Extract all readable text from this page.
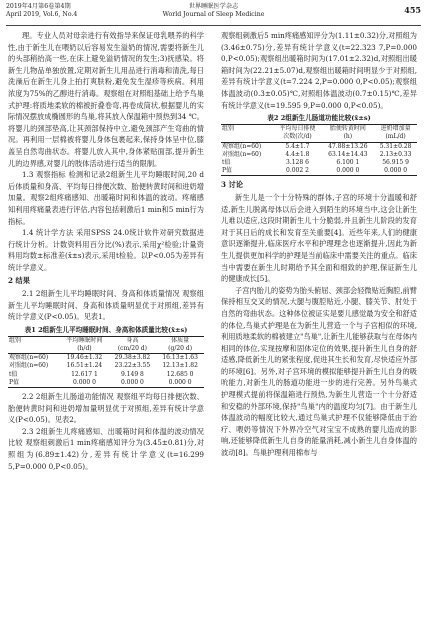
2019年4月第6卷第4期
April 2019, Vol.6, No.4
世界睡眠医学杂志
World Journal of Sleep Medicine	455

理。专业人员对母亲进行有效指导来保证母乳喂养的科学性,由于新生儿在喂奶以后容易发生溢奶的情况,需要将新生儿的头部稍抬高一些,在床上避免溢奶情况的发生;3)抚感染。将新生儿物品单独放置,定期对新生儿用品进行消毒和清洗,每日洗澡后在新生儿身上拍打爽肤粉,避免发生湿疹等疾病。利用浓度为75%的乙醇进行消毒。观察组在对照组基础上给予鸟巢式护理:将质地柔软的棉被折叠卷弯,再卷成筒状,根据婴儿的实际情况摆放成椭圆形的鸟巢,将其放入保温箱中预热到34 ℃。将婴儿的颈部垫高,让其颈部保持中立,避免颈部产生弯曲的情况。再利用一层棉被将婴儿身体包裹起来,保持身体呈中位,膝盖呈自然弯曲状态。将婴儿放入其中,身体紧贴面部,提升新生儿的边界感,对婴儿的肢体活动进行适当的限制。

1.3 观察指标 检测和记录2组新生儿平均睡眠时间,20 d后体质量和身高、平均每日排便次数、胎便转黄时间和进奶增加量。观察2组疼痛感知、出暖箱时间和体温的波动。疼痛感知利用疼痛量表进行评估,内容包括刺激后1 min和5 min行为指标。

1.4 统计学方法 采用SPSS 24.0统计软件对研究数据进行统计分析。计数资料用百分比(%)表示,采用χ²检验;计量资料用均数±标准差(x̄±s)表示,采用t检验。以P<0.05为差异有统计学意义。

2 结果

2.1 2组新生儿平均睡眠时间、身高和体质量情况 观察组新生儿平均睡眠时间、身高和体质量明显优于对照组,差异有统计学意义(P<0.05)。见表1。

表1 2组新生儿平均睡眠时间、身高和体质量比较(x̄±s)
组别	平均睡眠时间	身高	体质量
	(h/d)	(cm/20 d)	(g/20 d)
观察组(n=60)	19.46±1.32	29.38±3.82	16.13±1.63
对照组(n=60)	16.51±1.24	23.22±3.55	12.13±1.82
t值	12.617 1	9.149 8	12.685 0
P值	0.000 0	0.000 0	0.000 0

2.2 2组新生儿肠道功能情况 观察组平均每日排便次数、胎便转黄时间和进奶增加量明显优于对照组,差异有统计学意义(P<0.05)。见表2。

2.3 2组新生儿疼痛感知、出暖箱时间和体温的波动情况比较 观察组刺激后1 min疼痛感知评分为(3.45±0.81)分,对照组为(6.89±1.42)分,差异有统计学意义(t=16.299 5,P=0.000 0,P<0.05)。

观察组刺激后5 min疼痛感知评分为(1.11±0.32)分,对照组为(3.46±0.75)分,差异有统计学意义(t=22.323 7,P=0.000 0,P<0.05);观察组出暖箱时间为(17.01±2.32)d,对照组出暖箱时间为(22.21±5.07)d,观察组出暖箱时间明显少于对照组,差异有统计学意义(t=7.224 2,P=0.000 0,P<0.05);观察组体温波动(0.3±0.05)℃,对照组体温波动(0.7±0.15)℃,差异有统计学意义(t=19.595 9,P=0.000 0,P<0.05)。

表2 2组新生儿肠道功能比较(x̄±s)
组别	平均每日排便	胎便转黄时间	进奶增加量
	次数(次/d)	(h)	(mL/d)
观察组(n=60)	5.4±1.7	47.88±13.26	5.31±0.28
对照组(n=60)	4.4±1.8	63.14±14.43	2.13±0.33
t值	3.128 6	6.100 1	56.915 9
P值	0.002 2	0.000 0	0.000 0

3 讨论

新生儿是一个十分特殊的群体,子宫的环境十分温暖和舒适,新生儿脱离母体以后会进入到陌生的环境当中,这会让新生儿难以适应,这段时期新生儿十分脆弱,并且新生儿阶段的发育对于其日后的成长和发育至关重要[4]。近些年来,人们的健康意识逐渐提升,临床医疗水平和护理理念也逐渐提升,因此为新生儿提供更加科学的护理是当前临床中需要关注的重点。临床当中需要在新生儿时期给予其全面和细致的护理,保证新生儿的健康成长[5]。

子宫内胎儿的姿势为胎头俯屈、颈部会轻微贴近胸腔,前臂保持相互交叉的情况,大腿与腹腔贴近,小腿、膝关节、肘处于自然的弯曲状态。这种体位被证实是要儿感觉最为安全和舒适的体位,鸟巢式护理是在为新生儿营造一个与子宫相似的环境,利用质地柔软的棉被建立"鸟巢",让新生儿能够获取与在母体内相同的体位,实现按摩和固体定位的效果,提升新生儿自身的舒适感,降低新生儿的紧张程度,促进其生长和发育,尽快适应外部的环境[6]。另外,对子宫环境的模拟能够提升新生儿自身的吸吮能力,对新生儿的肠道功能进一步的进行完善。另外鸟巢式护理模式提前将保温箱进行预热,为新生儿营造一个十分舒适和安稳的外部环境,保持"鸟巢"内的温度均匀[7]。由于新生儿体温波动的幅度比较大,通过鸟巢式护理不仅能够降低由于治疗、喂奶等情况下外界冷空气对宝宝不成熟的婴儿造成的影响,还能够降低新生儿自身的能量消耗,减小新生儿自身体温的波动[8]。鸟巢护理利用棉布与
